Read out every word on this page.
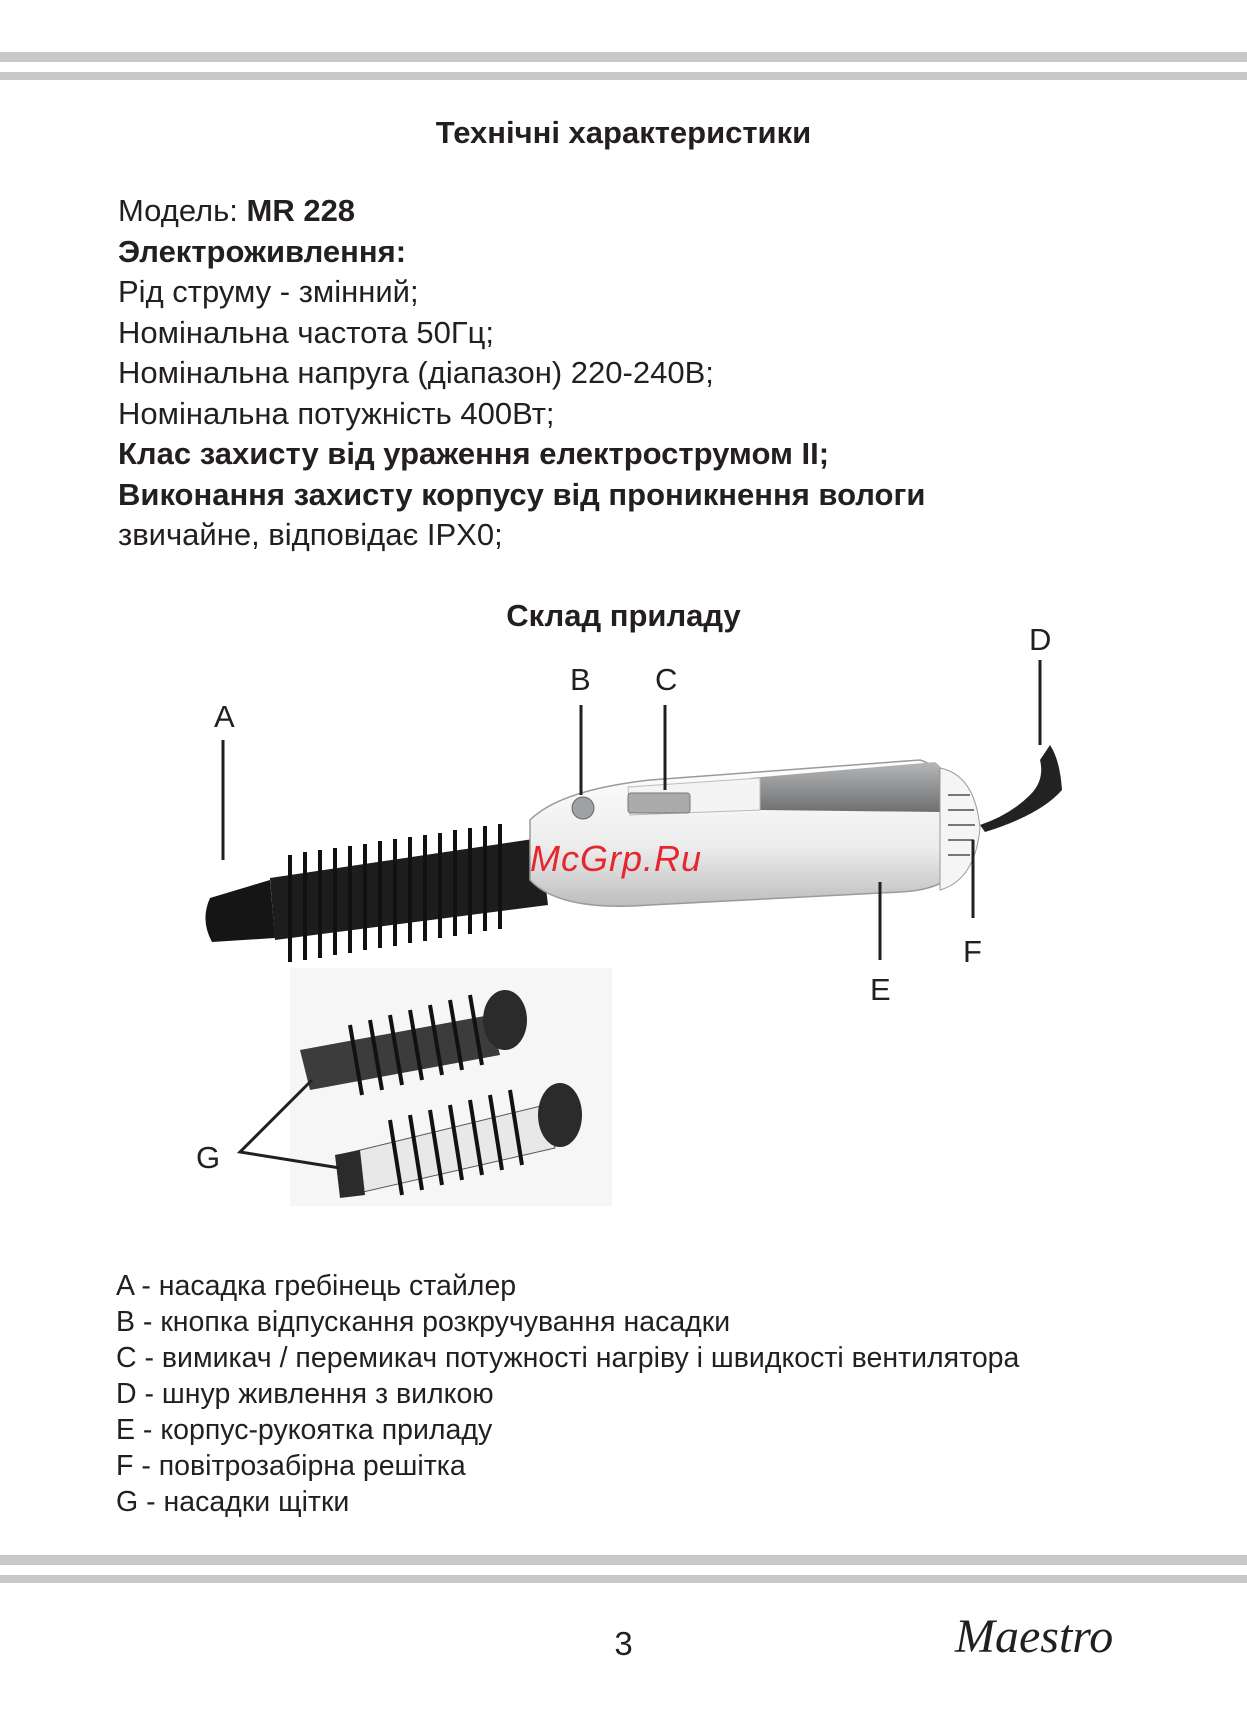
Технічні характеристики
Модель: MR 228
Электроживлення:
Рід струму - змінний;
Номінальна частота 50Гц;
Номінальна напруга (діапазон) 220-240В;
Номінальна потужність 400Вт;
Клас захисту від ураження електрострумом II;
Виконання захисту корпусу від проникнення вологи
звичайне, відповідає IPX0;
Склад приладу
A
B C
D
E
F
G
McGrp.Ru
A - насадка гребінець стайлер
B - кнопка відпускання розкручування насадки
C - вимикач / перемикач потужності нагріву і швидкості вентилятора
D - шнур живлення з вилкою
E - корпус-рукоятка приладу
F - повітрозабірна решітка
G - насадки щітки
3	Maestro
